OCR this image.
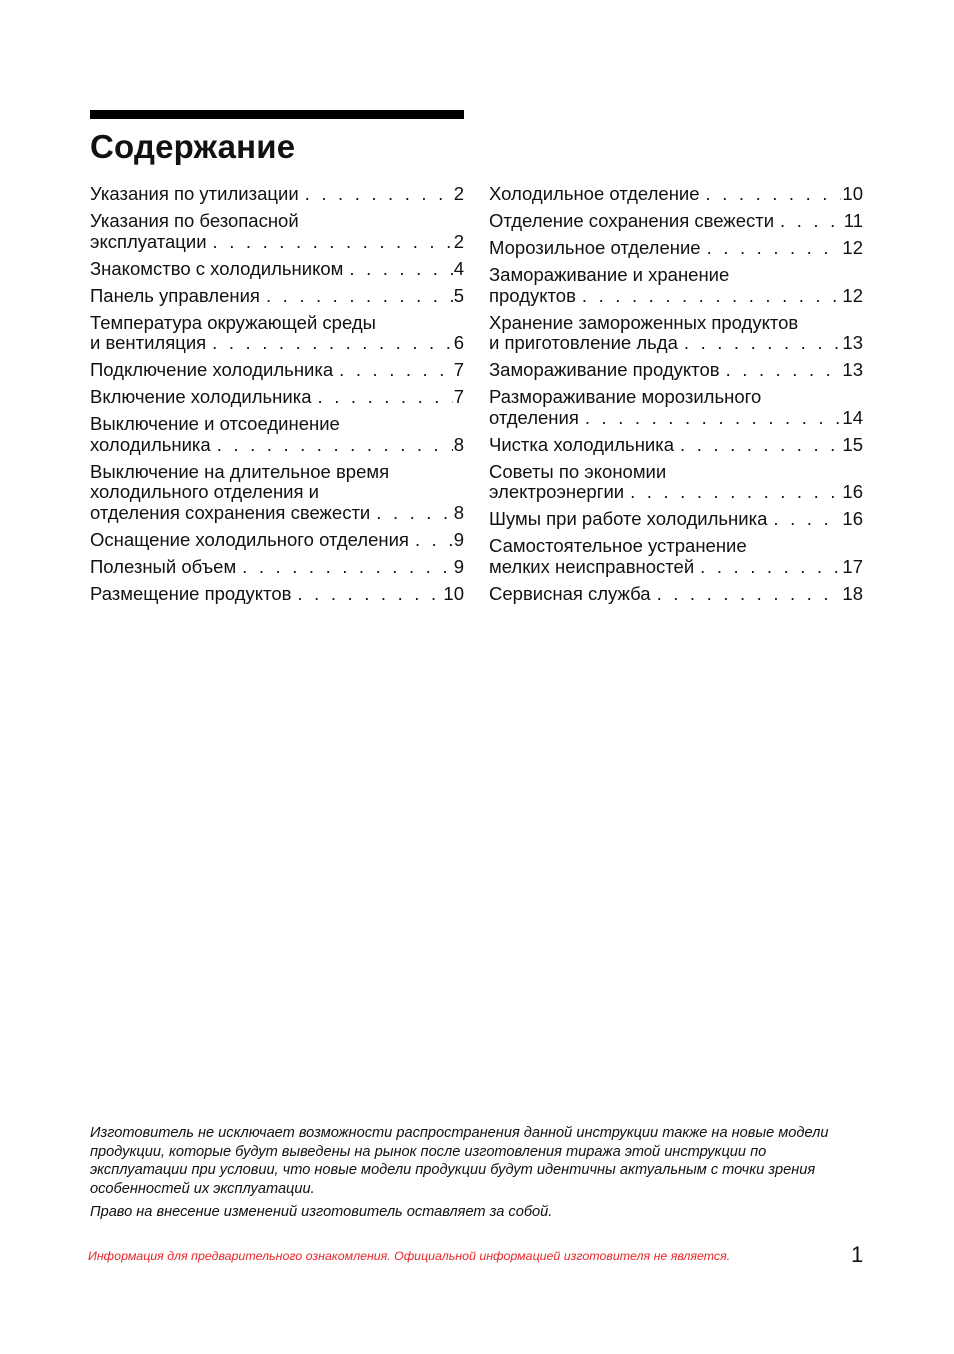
Содержание
Указания по утилизации . . .	2
Указания по безопасной
эксплуатации . . .	2
Знакомство с холодильником . . .	4
Панель управления . . .	5
Температура окружающей среды
и вентиляция . . .	6
Подключение холодильника . . .	7
Включение холодильника . . .	7
Выключение и отсоединение
холодильника . . .	8
Выключение на длительное время
холодильного отделения и
отделения сохранения свежести . . .	8
Оснащение холодильного отделения . . . 9
Полезный объем . . .	9
Размещение продуктов . . .	10
Холодильное отделение . . .	10
Отделение сохранения свежести . . .	11
Морозильное отделение . . .	12
Замораживание и хранение
продуктов . . .	12
Хранение замороженных продуктов
и приготовление льда . . .	13
Замораживание продуктов . . .	13
Размораживание морозильного
отделения . . .	14
Чистка холодильника . . .	15
Советы по экономии
электроэнергии . . .	16
Шумы при работе холодильника . . .	16
Самостоятельное устранение
мелких неисправностей . . .	17
Сервисная служба . . .	18

Изготовитель не исключает возможности распространения данной инструкции также на новые модели продукции, которые будут выведены на рынок после изготовления тиража этой инструкции по эксплуатации при условии, что новые модели продукции будут идентичны актуальным с точки зрения особенностей их эксплуатации.

Право на внесение изменений изготовитель оставляет за собой.

Информация для предварительного ознакомления. Официальной информацией изготовителя не является.	1
